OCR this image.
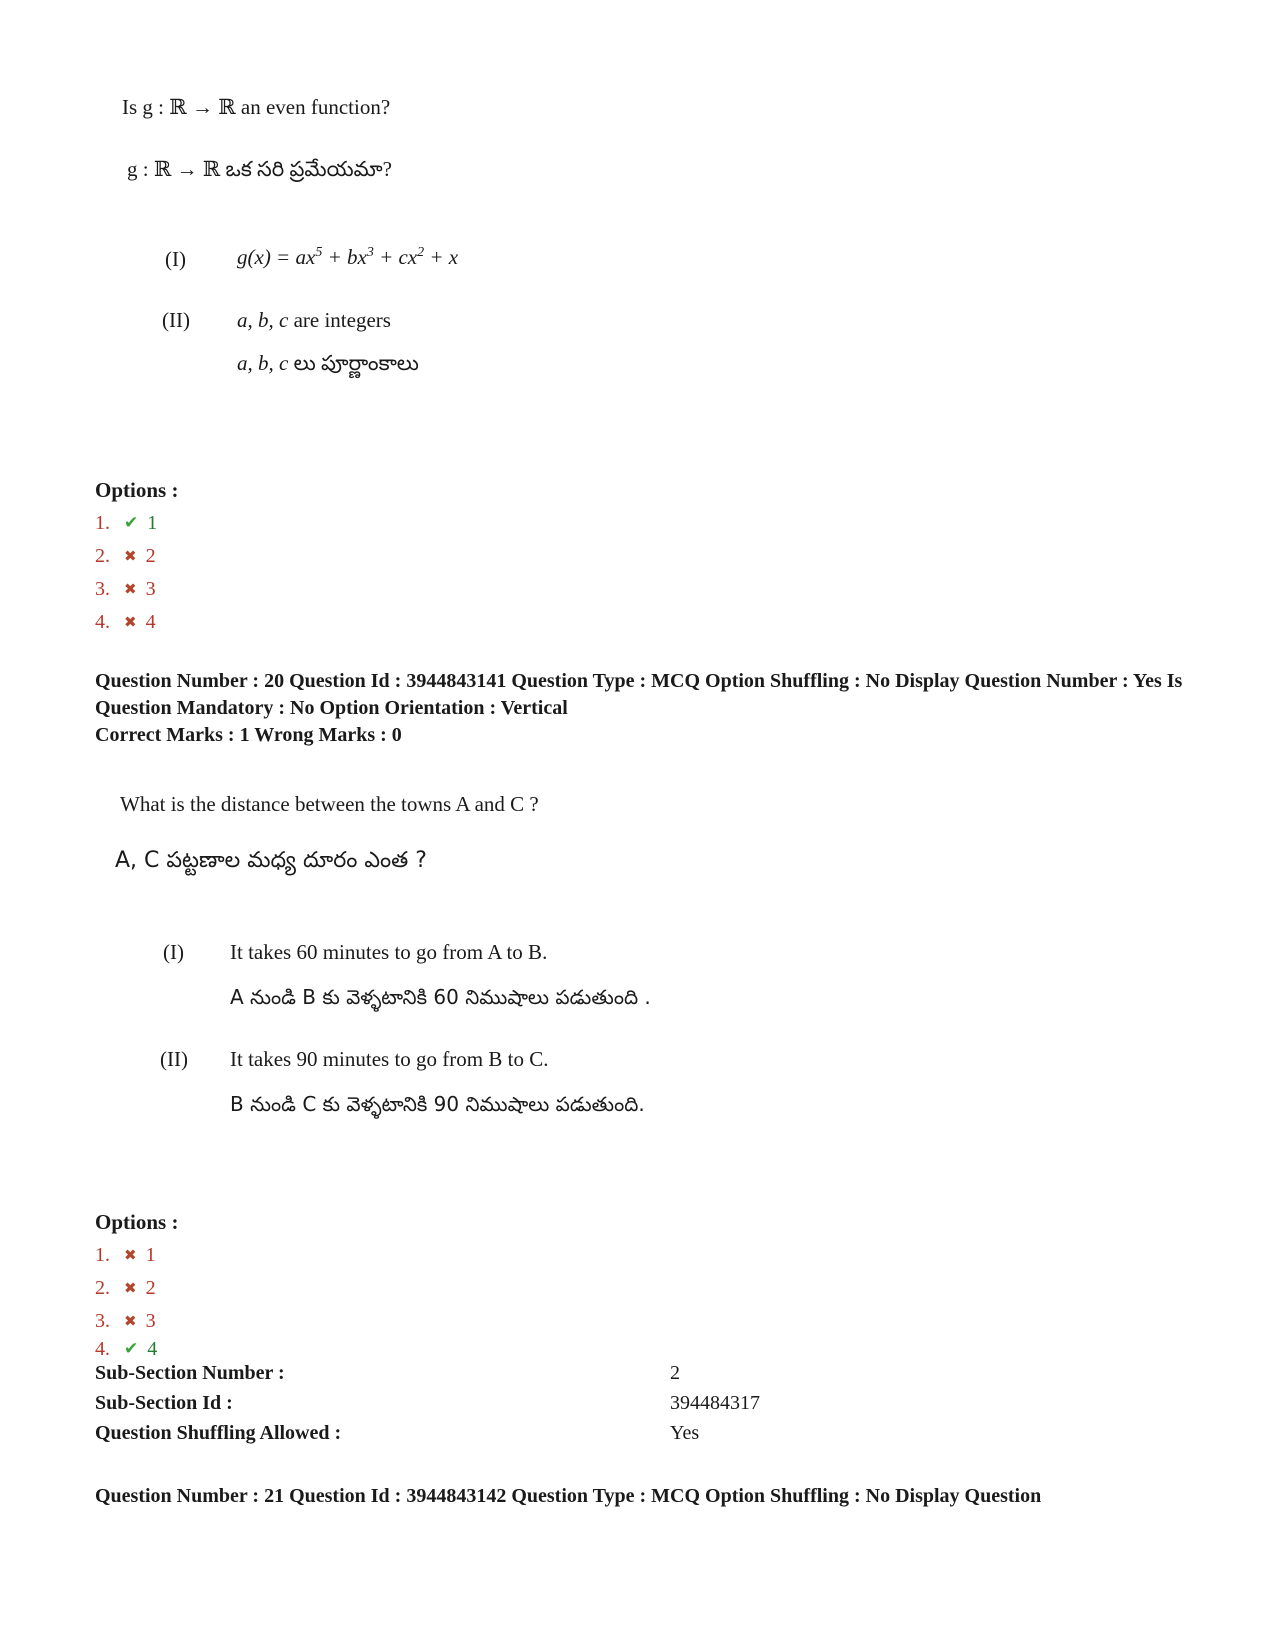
Is g : ℝ → ℝ an even function?
g : ℝ → ℝ ఒక సరి ప్రమేయమా?
(I) $g(x) = ax^5 + bx^3 + cx^2 + x$
(II) a, b, c are integers
a, b, c లు పూర్ణాంకాలు
Options :
1. ✔ 1
2. ✖ 2
3. ✖ 3
4. ✖ 4
Question Number : 20 Question Id : 3944843141 Question Type : MCQ Option Shuffling : No Display Question Number : Yes Is Question Mandatory : No Option Orientation : Vertical
Correct Marks : 1 Wrong Marks : 0
What is the distance between the towns A and C ?
A, C పట్టణాల మధ్య దూరం ఎంత ?
(I) It takes 60 minutes to go from A to B.
A నుండి B కు వెళ్ళటానికి 60 నిముషాలు పడుతుంది .
(II) It takes 90 minutes to go from B to C.
B నుండి C కు వెళ్ళటానికి 90 నిముషాలు పడుతుంది.
Options :
1. ✖ 1
2. ✖ 2
3. ✖ 3
4. ✔ 4
Sub-Section Number :	2
Sub-Section Id :	394484317
Question Shuffling Allowed :	Yes
Question Number : 21 Question Id : 3944843142 Question Type : MCQ Option Shuffling : No Display Question
